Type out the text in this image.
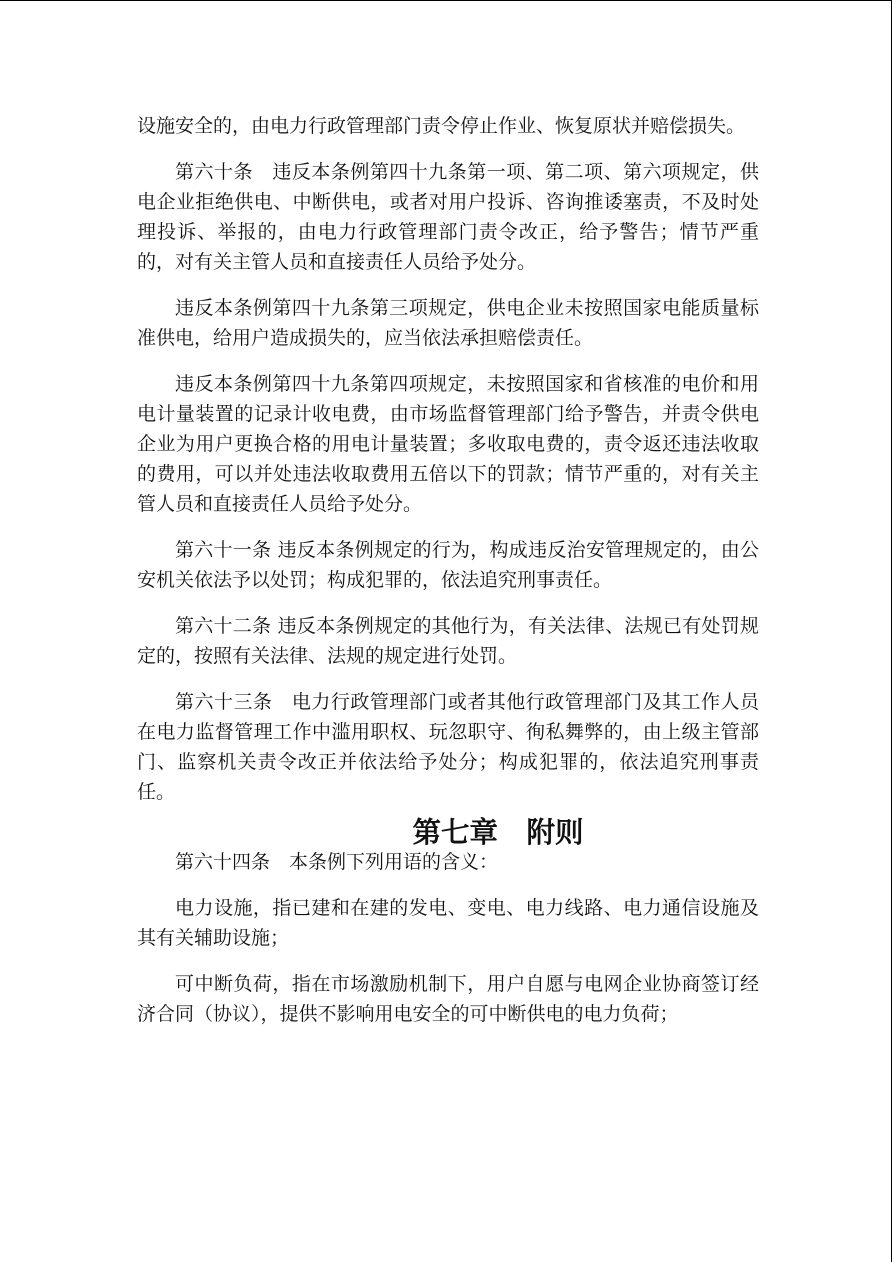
设施安全的，由电力行政管理部门责令停止作业、恢复原状并赔偿损失。

第六十条　违反本条例第四十九条第一项、第二项、第六项规定，供电企业拒绝供电、中断供电，或者对用户投诉、咨询推诿塞责，不及时处理投诉、举报的，由电力行政管理部门责令改正，给予警告；情节严重的，对有关主管人员和直接责任人员给予处分。

违反本条例第四十九条第三项规定，供电企业未按照国家电能质量标准供电，给用户造成损失的，应当依法承担赔偿责任。

违反本条例第四十九条第四项规定，未按照国家和省核准的电价和用电计量装置的记录计收电费，由市场监督管理部门给予警告，并责令供电企业为用户更换合格的用电计量装置；多收取电费的，责令返还违法收取的费用，可以并处违法收取费用五倍以下的罚款；情节严重的，对有关主管人员和直接责任人员给予处分。

第六十一条 违反本条例规定的行为，构成违反治安管理规定的，由公安机关依法予以处罚；构成犯罪的，依法追究刑事责任。

第六十二条 违反本条例规定的其他行为，有关法律、法规已有处罚规定的，按照有关法律、法规的规定进行处罚。

第六十三条　电力行政管理部门或者其他行政管理部门及其工作人员在电力监督管理工作中滥用职权、玩忽职守、徇私舞弊的，由上级主管部门、监察机关责令改正并依法给予处分；构成犯罪的，依法追究刑事责任。

第七章　附则

第六十四条　本条例下列用语的含义：

电力设施，指已建和在建的发电、变电、电力线路、电力通信设施及其有关辅助设施；

可中断负荷，指在市场激励机制下，用户自愿与电网企业协商签订经济合同（协议），提供不影响用电安全的可中断供电的电力负荷；
